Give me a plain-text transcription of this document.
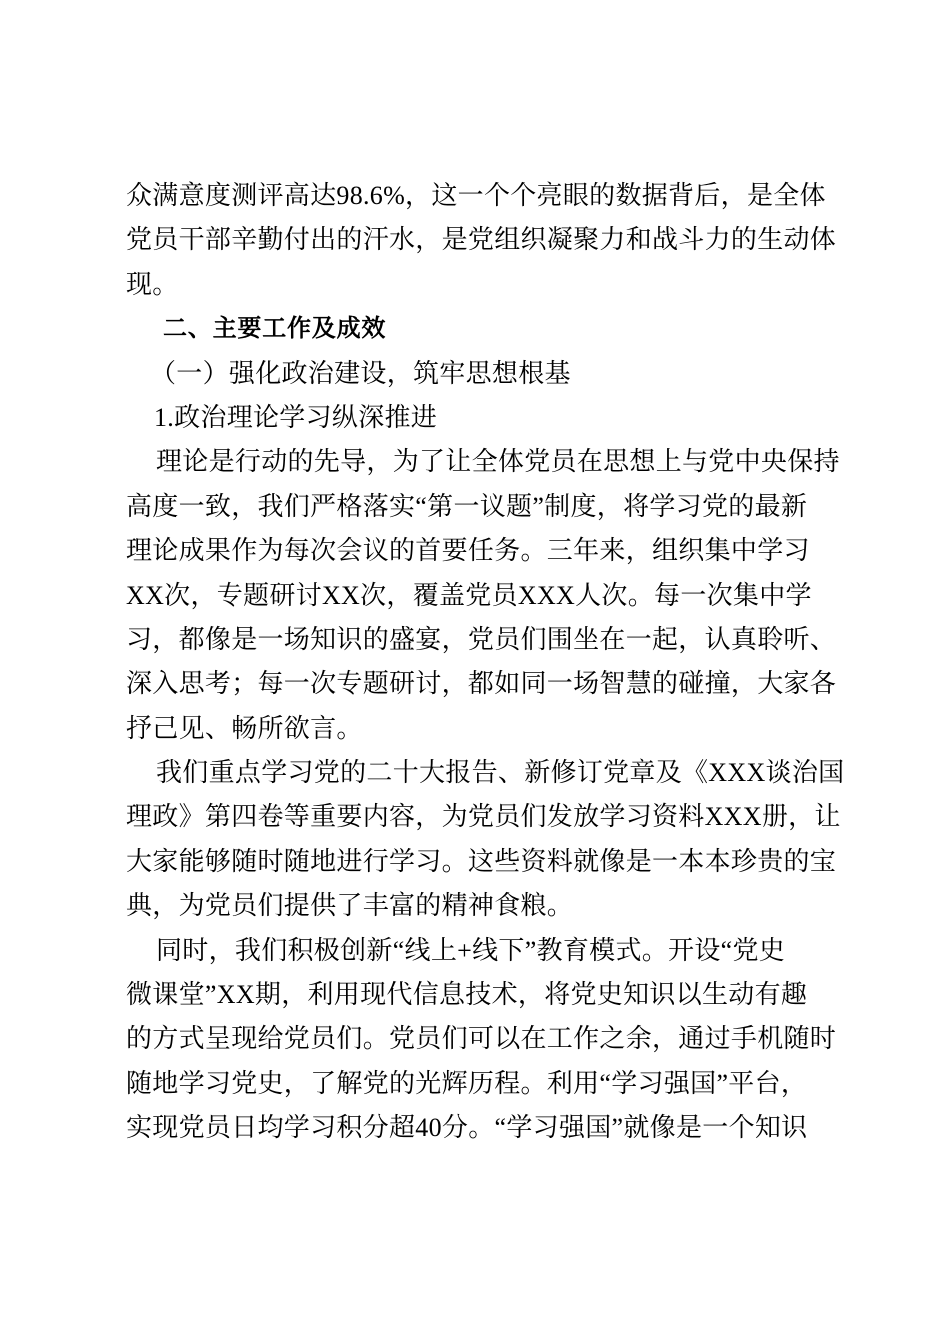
众满意度测评高达98.6%，这一个个亮眼的数据背后，是全体
党员干部辛勤付出的汗水，是党组织凝聚力和战斗力的生动体
现。
二、主要工作及成效
（一）强化政治建设，筑牢思想根基
1.政治理论学习纵深推进
理论是行动的先导，为了让全体党员在思想上与党中央保持
高度一致，我们严格落实“第一议题”制度，将学习党的最新
理论成果作为每次会议的首要任务。三年来，组织集中学习
XX次，专题研讨XX次，覆盖党员XXX人次。每一次集中学
习，都像是一场知识的盛宴，党员们围坐在一起，认真聆听、
深入思考；每一次专题研讨，都如同一场智慧的碰撞，大家各
抒己见、畅所欲言。
我们重点学习党的二十大报告、新修订党章及《XXX谈治国
理政》第四卷等重要内容，为党员们发放学习资料XXX册，让
大家能够随时随地进行学习。这些资料就像是一本本珍贵的宝
典，为党员们提供了丰富的精神食粮。
同时，我们积极创新“线上+线下”教育模式。开设“党史
微课堂”XX期，利用现代信息技术，将党史知识以生动有趣
的方式呈现给党员们。党员们可以在工作之余，通过手机随时
随地学习党史，了解党的光辉历程。利用“学习强国”平台，
实现党员日均学习积分超40分。“学习强国”就像是一个知识
